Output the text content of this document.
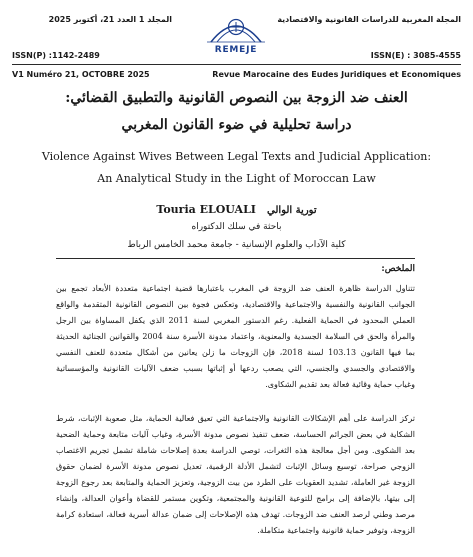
المجلة المغربية للدراسات القانونية والاقتصادية
المجلد 1 العدد 21، أكتوبر 2025
REMEJE
ISSN(P) :1142-2489	ISSN(E) : 3085-4555
V1 Numéro 21, OCTOBRE 2025	Revue Marocaine des Eudes Juridiques et Economiques
العنف ضد الزوجة بين النصوص القانونية والتطبيق القضائي:
دراسة تحليلية في ضوء القانون المغربي
Violence Against Wives Between Legal Texts and Judicial Application:
An Analytical Study in the Light of Moroccan Law
Touria ELOUALI تورية الوالي
باحثة في سلك الدكتوراه
كلية الآداب والعلوم الإنسانية - جامعة محمد الخامس الرباط
الملخص:
تتناول الدراسة ظاهرة العنف ضد الزوجة في المغرب باعتبارها قضية اجتماعية متعددة الأبعاد تجمع بين الجوانب القانونية والنفسية والاجتماعية والاقتصادية، وتعكس فجوة بين النصوص القانونية المتقدمة والواقع العملي المحدود في الحماية الفعلية. رغم الدستور المغربي لسنة 2011 الذي يكفل المساواة بين الرجل والمرأة والحق في السلامة الجسدية والمعنوية، واعتماد مدونة الأسرة سنة 2004 والقوانين الجنائية الحديثة بما فيها القانون 103.13 لسنة 2018، فإن الزوجات ما زلن يعانين من أشكال متعددة للعنف النفسي والاقتصادي والجسدي والجنسي، التي يصعب ردعها أو إثباتها بسبب ضعف الآليات القانونية والمؤسساتية وغياب حماية وقائية فعالة بعد تقديم الشكاوى.
تركز الدراسة على أهم الإشكالات القانونية والاجتماعية التي تعيق فعالية الحماية، مثل صعوبة الإثبات، شرط الشكاية في بعض الجرائم الحساسة، ضعف تنفيذ نصوص مدونة الأسرة، وغياب آليات متابعة وحماية الضحية بعد الشكوى. ومن أجل معالجة هذه الثغرات، توصي الدراسة بعدة إصلاحات شاملة تشمل تجريم الاغتصاب الزوجي صراحة، توسيع وسائل الإثبات لتشمل الأدلة الرقمية، تعديل نصوص مدونة الأسرة لضمان حقوق الزوجة غير العاملة، تشديد العقوبات على الطرد من بيت الزوجية، وتعزيز الحماية والمتابعة بعد رجوع الزوجة إلى بيتها، بالإضافة إلى برامج للتوعية القانونية والمجتمعية، وتكوين مستمر للقضاة وأعوان العدالة، وإنشاء مرصد وطني لرصد العنف ضد الزوجات. تهدف هذه الإصلاحات إلى ضمان عدالة أسرية فعالة، استعادة كرامة الزوجة، وتوفير حماية قانونية واجتماعية متكاملة.
